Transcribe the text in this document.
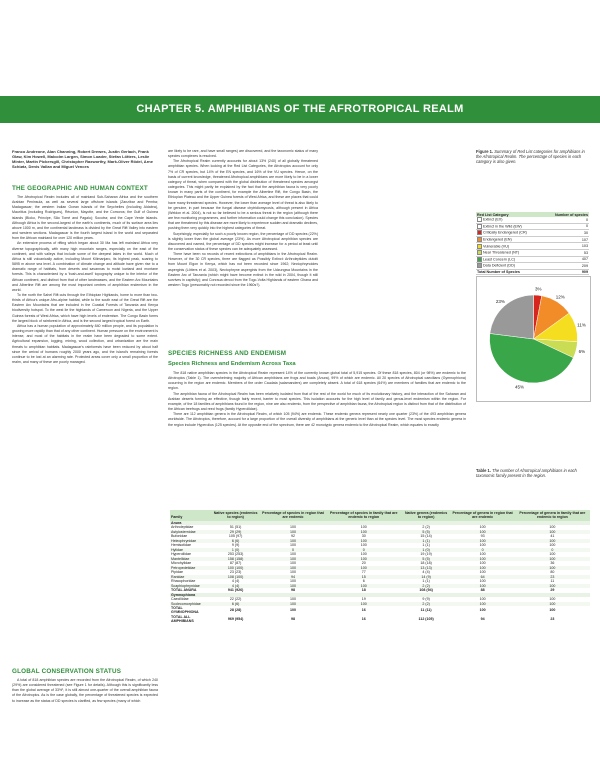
CHAPTER 5. AMPHIBIANS OF THE AFROTROPICAL REALM
Franco Andreone, Alan Channing, Robert Drewes, Justin Gerlach, Frank Glaw, Kim Howell, Malcolm Largen, Simon Loader, Stefan Lötters, Leslie Minter, Martin Pickersgill, Christopher Raxworthy, Mark-Oliver Rödel, Arne Schiøtz, Denis Vallan and Miguel Vences
THE GEOGRAPHIC AND HUMAN CONTEXT

The Afrotropical Realm includes all of mainland Sub-Saharan Africa and the southern Arabian Peninsula, as well as several large offshore islands (Zanzibar and Pemba; Madagascar; the western Indian Ocean islands of the Seychelles (including Aldabra), Mauritius (including Rodrigues), Réunion, Mayotte, and the Comoros; the Gulf of Guinea islands (Bioko, Príncipe, São Tomé and Pagalu); Socotra; and the Cape Verde Islands. Although Africa is the second-largest of the earth's continents, much of its surface area lies above 1000 m, and the continental landmass is divided by the Great Rift Valley into eastern and western sections. Madagascar is the fourth largest island in the world and separated from the African mainland for over 120 million years.

An extensive process of rifting which began about 30 Ma has left mainland Africa very diverse topographically, with many high mountain ranges, especially on the east of the continent, and with valleys that include some of the deepest lakes in the world. Much of Africa is still volcanically active, including Mount Kilimanjaro, its highest peak, soaring to 5895 m above sea level. A combination of climate change and altitude have given rise to a dramatic range of habitats, from deserts and savannas to moist lowland and montane forests. This is characterized by a 'bush-and-swell' topography unique to the interior of the African continent, and distinct from that of other landmasses, and the Eastern Arc Mountains and Albertine Rift are among the most important centres of amphibian endemism in the world.

To the north the Sahel Rift cuts through the Ethiopian Highlands, home to more than two-thirds of Africa's unique Afro-alpine habitat, while to the south east of the Great Rift are the Eastern Arc Mountains that are included in the Coastal Forests of Tanzania and Kenya biodiversity hotspot. To the west lie the highlands of Cameroon and Nigeria, and the Upper Guinea forests of West Africa, which have high levels of endemism. The Congo Basin forms the largest block of rainforest in Africa, and is the second largest tropical forest on Earth.

Africa has a human population of approximately 840 million people, and its population is growing more rapidly than that of any other continent. Human pressure on the environment is intense, and most of the habitats in the realm have been degraded to some extent. Agricultural expansion, logging, mining, wood collection, and urbanization are the main threats to amphibian habitats. Madagascar's rainforests have been reduced by about half since the arrival of humans roughly 2000 years ago, and the island's remaining forests continue to be lost at an alarming rate. Protected areas cover only a small proportion of the realm, and many of these are poorly managed.

GLOBAL CONSERVATION STATUS

A total of 818 amphibian species are recorded from the Afrotropical Realm, of which 240 (29%) are considered threatened (see Figure 1 for details). Although this is significantly less than the global average of 33%¹, it is still almost one-quarter of the overall amphibian fauna of the Afrotropics. As is the case globally, the percentage of threatened species is expected to increase as the status of DD species is clarified, as few species (many of which

are likely to be rare, and have small ranges) are discovered, and the taxonomic status of many species complexes is resolved.

The Afrotropical Realm currently accounts for about 13% (240) of all globally threatened amphibian species. When looking at the Red List Categories, the Afrotropics account for only 7% of CR species, but 14% of the EN species, and 16% of the VU species. Hence, on the basis of current knowledge, threatened Afrotropical amphibians are more likely to be in a lower category of threat, when compared with the global distribution of threatened species amongst categories. This might partly be explained by the fact that the amphibian fauna is very poorly known in many parts of the continent, for example the Albertine Rift, the Congo Basin, the Ethiopian Plateau and the Upper Guinea forests of West Africa, and these are places that could have many threatened species. However, the lower than average level of threat is also likely to be genuine, in part because the fungal disease chytridiomycosis, although present in Africa (Weldon et al. 2004), is not so far believed to be a serious threat in the region (although there are few monitoring programmes, and further information could change this conclusion). Species that are threatened by this disease are more likely to experience sudden and dramatic declines, pushing them very quickly into the highest categories of threat.

Surprisingly, especially for such a poorly known region, the percentage of DD species (22%) is slightly lower than the global average (23%). As more Afrotropical amphibian species are discovered and named, the percentage of DD species might increase for a period at least until the conservation status of these species can be adequately assessed.

There have been no records of recent extinctions of amphibians in the Afrotropical Realm. However, of the 30 CR species, three are flagged as Possibly Extinct: Arthroleptides dutoiti from Mount Elgon in Kenya, which has not been recorded since 1962; Nectophrynoides asperginis (Lötters et al. 2003), Nectophryne asperginis from the Udzungwa Mountains in the Eastern Arc of Tanzania (which might have become extinct in the wild in 2004, though it still survives in captivity); and Conraua derooi from the Togo-Volta Highlands of eastern Ghana and western Togo (presumably not recorded since the 1960s?).

SPECIES RICHNESS AND ENDEMISM
Species Richness and Endemism Across Taxa

The 818 native amphibian species in the Afrotropical Realm represent 14% of the currently known global total of 5,915 species. Of these 818 species, 804 (or 98%) are endemic to the Afrotropics (Table 1). The overwhelming majority of African amphibians are frogs and toads (Anura), 99% of which are endemic. All 20 species of Afrotropical caecilians (Gymnophiona) occurring in the region are endemic. Members of the order Caudata (salamanders) are completely absent. A total of 618 species (64%) are members of families that are endemic to the region.

The amphibian fauna of the Afrotropical Realm has been relatively isolated from that of the rest of the world for much of its evolutionary history, and the interaction of the Saharan and Arabian deserts forming an effective, though fairly recent, barrier to most species. This isolation accounts for the high level of family and genus-level endemism within the region. For example, of the 18 families of amphibians found in the region, nine are also endemic, from the perspective of amphibian fauna, the Afrotropical region is distinct from that of the distribution of the African treefrogs and reed frogs (family Hyperoliidae).

There are 112 amphibian genera in the Afrotropical Realm, of which 105 (94%) are endemic. These endemic genera represent nearly one quarter (23%) of the 493 amphibian genera worldwide. The Afrotropics, therefore, account for a large proportion of the overall diversity of amphibians at the generic level than at the species level. The most species endemic genera in the region include Hyperolius (125 species). At the opposite end of the spectrum, there are 42 monotypic genera endemic to the Afrotropical Realm, which equates to exactly

Figure 1. Summary of Red List categories for amphibians in the Afrotropical Realm. The percentage of species in each category is also given.
Red List Category	Number of species
Extinct (EX)	0
Extinct in the Wild (EW)	0
Critically Endangered (CR)	30
Endangered (EN)	107
Vulnerable (VU)	103
Near Threatened (NT)	53
Least Concern (LC)	407
Data Deficient (DD)	209
Total Number of Species	909
3%
12%
11%
6%
45%
23%
Table 1. The number of Afrotropical amphibians in each taxonomic family present in the region.
Family	Native species (endemics to region)	Percentage of species in region that are endemic	Percentage of species in family that are endemic to region	Native genera (endemics to region)	Percentage of genera in region that are endemic	Percentage of genera in family that are endemic to region
Anura						
Arthroleptidae	51 (51)	100	100	2 (2)	100	100
Astylosternidae	29 (29)	100	100	5 (5)	100	100
Bufonidae	105 (97)	92	30	15 (14)	93	41
Heleophrynidae	6 (6)	100	100	1 (1)	100	100
Hemisotidae	9 (9)	100	100	1 (1)	100	100
Hylidae	1 (0)	0	0	1 (0)	0	0
Hyperoliidae	253 (253)	100	100	19 (19)	100	100
Mantellidae	158 (158)	100	100	5 (5)	100	100
Microhylidae	87 (87)	100	20	18 (18)	100	36
Petropedetidae	100 (100)	100	100	13 (13)	100	100
Pipidae	23 (23)	100	77	4 (4)	100	80
Ranidae	108 (100)	94	15	14 (9)	64	23
Rhacophoridae	4 (4)	100	6	1 (1)	100	11
Scaphiophrynidae	4 (4)	100	100	2 (2)	100	100
TOTAL ANURA	941 (926)	98	18	108 (94)	88	29
Gymnophiona						
Caeciliidae	22 (22)	100	19	9 (9)	100	100
Scolecomorphidae	6 (6)	100	100	2 (2)	100	100
TOTAL GYMNOPHIONA	28 (28)	100	16	11 (11)	100	100
TOTAL ALL AMPHIBIANS	969 (954)	98	16	112 (105)	94	23
